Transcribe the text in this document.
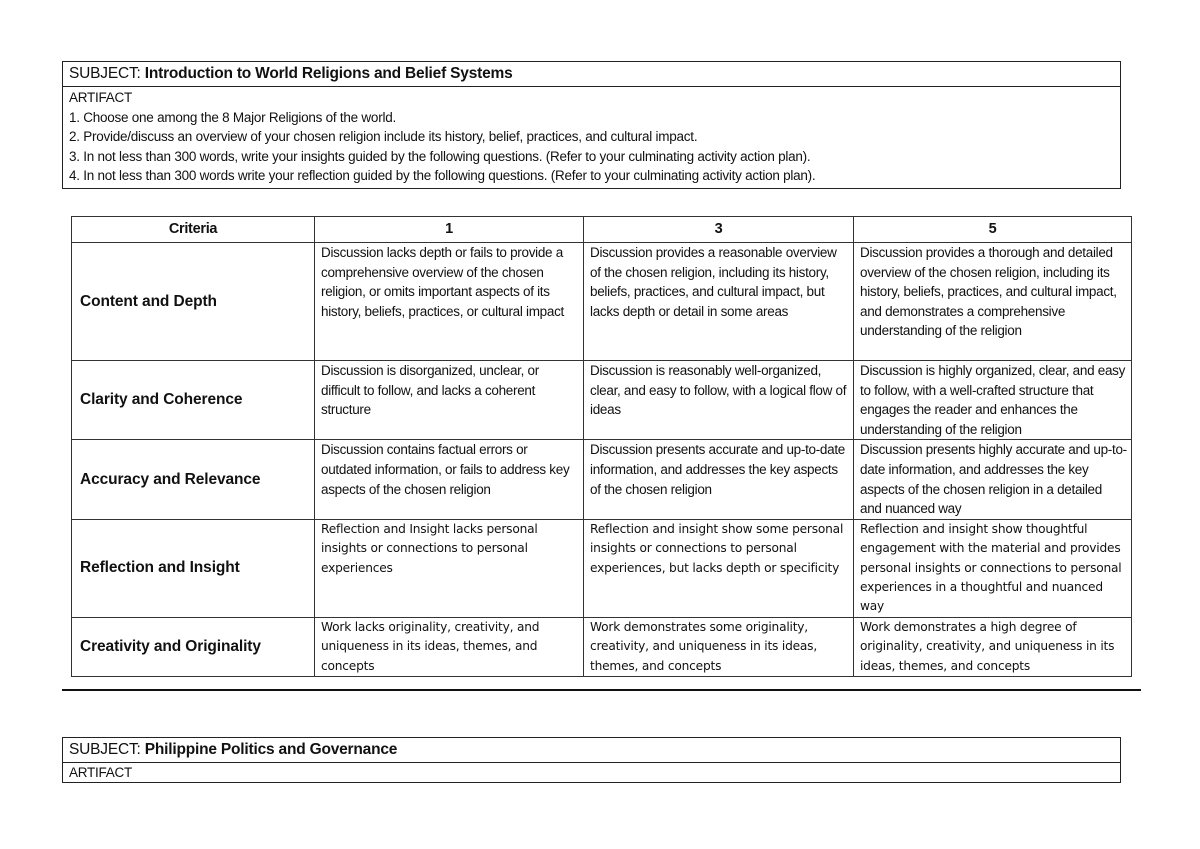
SUBJECT: Introduction to World Religions and Belief Systems
ARTIFACT
1. Choose one among the 8 Major Religions of the world.
2. Provide/discuss an overview of your chosen religion include its history, belief, practices, and cultural impact.
3. In not less than 300 words, write your insights guided by the following questions. (Refer to your culminating activity action plan).
4. In not less than 300 words write your reflection guided by the following questions. (Refer to your culminating activity action plan).
Criteria	1	3	5
Content and Depth	Discussion lacks depth or fails to provide a comprehensive overview of the chosen religion, or omits important aspects of its history, beliefs, practices, or cultural impact	Discussion provides a reasonable overview of the chosen religion, including its history, beliefs, practices, and cultural impact, but lacks depth or detail in some areas	Discussion provides a thorough and detailed overview of the chosen religion, including its history, beliefs, practices, and cultural impact, and demonstrates a comprehensive understanding of the religion
Clarity and Coherence	Discussion is disorganized, unclear, or difficult to follow, and lacks a coherent structure	Discussion is reasonably well-organized, clear, and easy to follow, with a logical flow of ideas	Discussion is highly organized, clear, and easy to follow, with a well-crafted structure that engages the reader and enhances the understanding of the religion
Accuracy and Relevance	Discussion contains factual errors or outdated information, or fails to address key aspects of the chosen religion	Discussion presents accurate and up-to-date information, and addresses the key aspects of the chosen religion	Discussion presents highly accurate and up-to-date information, and addresses the key aspects of the chosen religion in a detailed and nuanced way
Reflection and Insight	Reflection and Insight lacks personal insights or connections to personal experiences	Reflection and insight show some personal insights or connections to personal experiences, but lacks depth or specificity	Reflection and insight show thoughtful engagement with the material and provides personal insights or connections to personal experiences in a thoughtful and nuanced way
Creativity and Originality	Work lacks originality, creativity, and uniqueness in its ideas, themes, and concepts	Work demonstrates some originality, creativity, and uniqueness in its ideas, themes, and concepts	Work demonstrates a high degree of originality, creativity, and uniqueness in its ideas, themes, and concepts
SUBJECT: Philippine Politics and Governance
ARTIFACT
